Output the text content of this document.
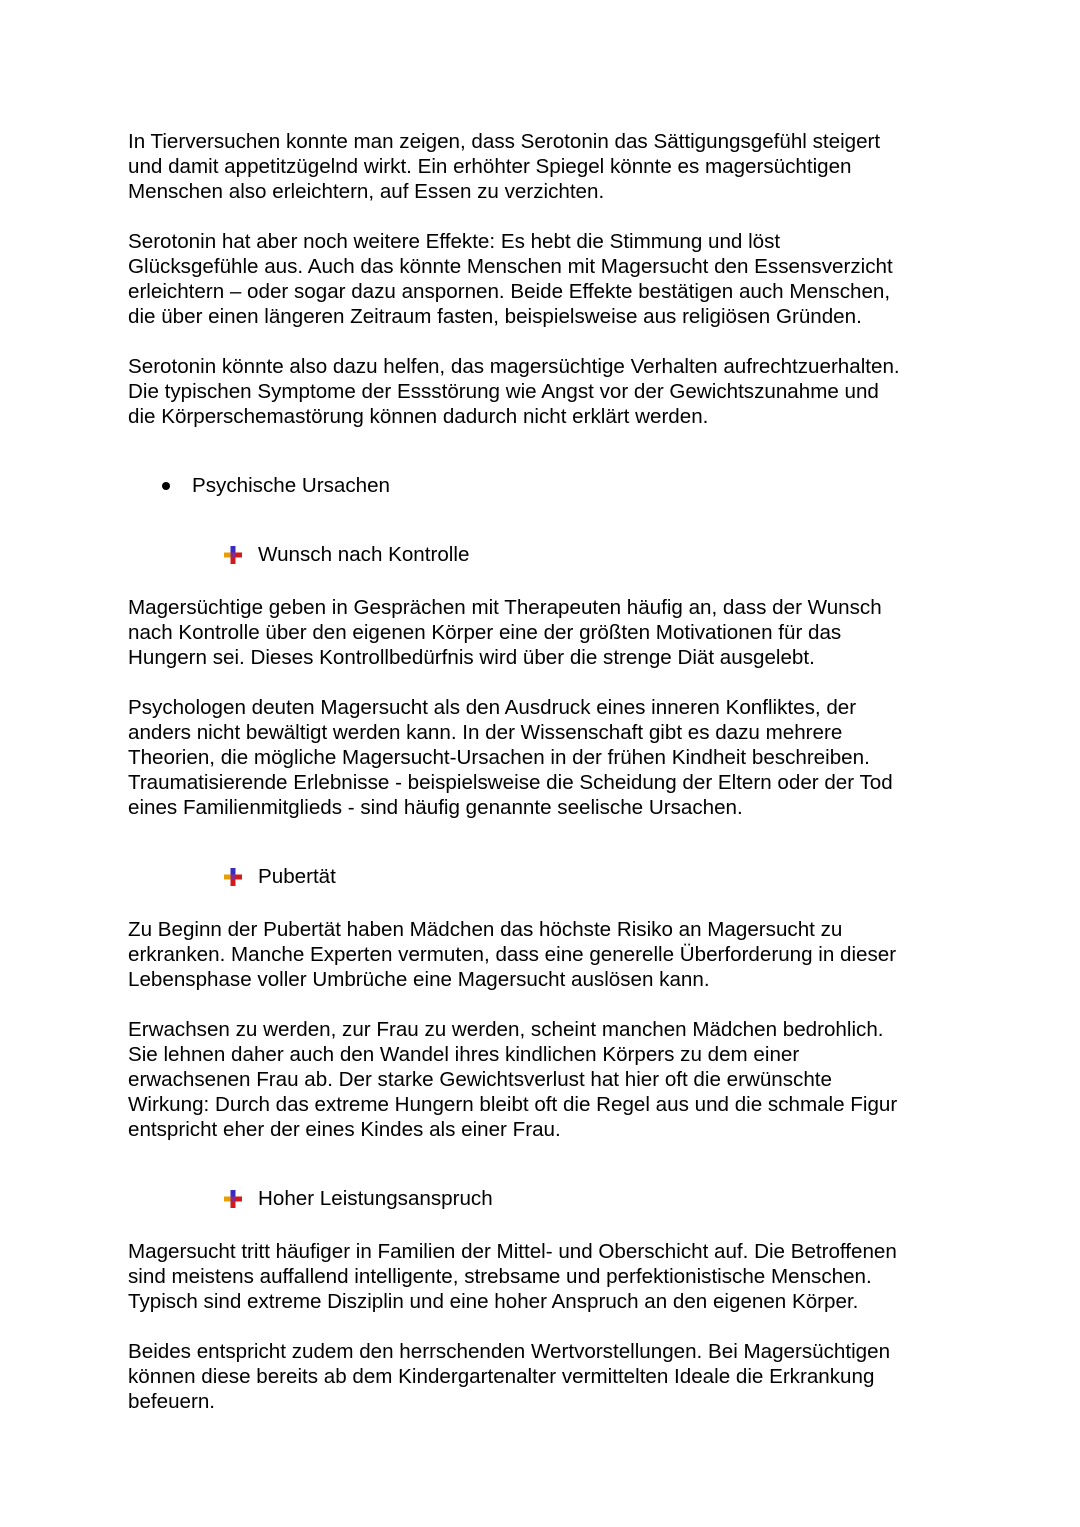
In Tierversuchen konnte man zeigen, dass Serotonin das Sättigungsgefühl steigert
und damit appetitzügelnd wirkt. Ein erhöhter Spiegel könnte es magersüchtigen
Menschen also erleichtern, auf Essen zu verzichten.

Serotonin hat aber noch weitere Effekte: Es hebt die Stimmung und löst
Glücksgefühle aus. Auch das könnte Menschen mit Magersucht den Essensverzicht
erleichtern – oder sogar dazu anspornen. Beide Effekte bestätigen auch Menschen,
die über einen längeren Zeitraum fasten, beispielsweise aus religiösen Gründen.

Serotonin könnte also dazu helfen, das magersüchtige Verhalten aufrechtzuerhalten.
Die typischen Symptome der Essstörung wie Angst vor der Gewichtszunahme und
die Körperschemastörung können dadurch nicht erklärt werden.

Psychische Ursachen
Wunsch nach Kontrolle

Magersüchtige geben in Gesprächen mit Therapeuten häufig an, dass der Wunsch
nach Kontrolle über den eigenen Körper eine der größten Motivationen für das
Hungern sei. Dieses Kontrollbedürfnis wird über die strenge Diät ausgelebt.

Psychologen deuten Magersucht als den Ausdruck eines inneren Konfliktes, der
anders nicht bewältigt werden kann. In der Wissenschaft gibt es dazu mehrere
Theorien, die mögliche Magersucht-Ursachen in der frühen Kindheit beschreiben.
Traumatisierende Erlebnisse - beispielsweise die Scheidung der Eltern oder der Tod
eines Familienmitglieds - sind häufig genannte seelische Ursachen.

Pubertät

Zu Beginn der Pubertät haben Mädchen das höchste Risiko an Magersucht zu
erkranken. Manche Experten vermuten, dass eine generelle Überforderung in dieser
Lebensphase voller Umbrüche eine Magersucht auslösen kann.

Erwachsen zu werden, zur Frau zu werden, scheint manchen Mädchen bedrohlich.
Sie lehnen daher auch den Wandel ihres kindlichen Körpers zu dem einer
erwachsenen Frau ab. Der starke Gewichtsverlust hat hier oft die erwünschte
Wirkung: Durch das extreme Hungern bleibt oft die Regel aus und die schmale Figur
entspricht eher der eines Kindes als einer Frau.

Hoher Leistungsanspruch

Magersucht tritt häufiger in Familien der Mittel- und Oberschicht auf. Die Betroffenen
sind meistens auffallend intelligente, strebsame und perfektionistische Menschen.
Typisch sind extreme Disziplin und eine hoher Anspruch an den eigenen Körper.

Beides entspricht zudem den herrschenden Wertvorstellungen. Bei Magersüchtigen
können diese bereits ab dem Kindergartenalter vermittelten Ideale die Erkrankung
befeuern.
